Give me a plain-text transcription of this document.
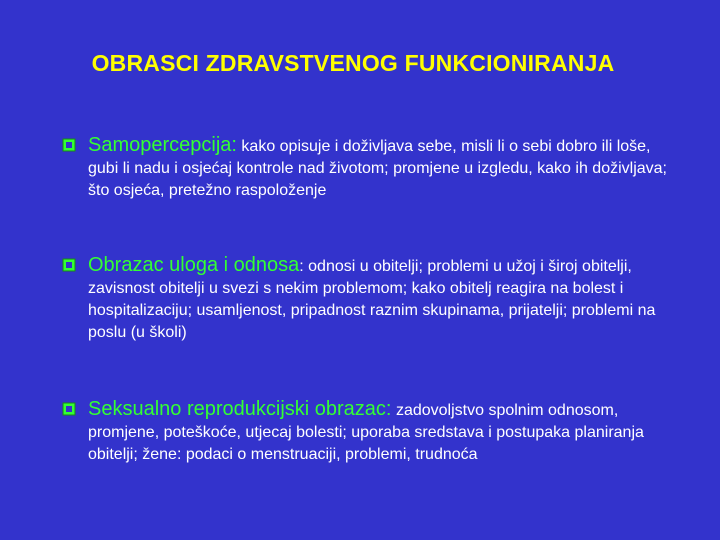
OBRASCI ZDRAVSTVENOG FUNKCIONIRANJA
Samopercepcija: kako opisuje i doživljava sebe, misli li o sebi dobro ili loše, gubi li nadu i osjećaj kontrole nad životom; promjene u izgledu, kako ih doživljava; što osjeća, pretežno raspoloženje
Obrazac uloga i odnosa: odnosi u obitelji; problemi u užoj i široj obitelji, zavisnost obitelji u svezi s nekim problemom; kako obitelj reagira na bolest i hospitalizaciju; usamljenost, pripadnost raznim skupinama, prijatelji; problemi na poslu (u školi)
Seksualno reprodukcijski obrazac: zadovoljstvo spolnim odnosom, promjene, poteškoće, utjecaj bolesti; uporaba sredstava i postupaka planiranja obitelji; žene: podaci o menstruaciji, problemi, trudnoća
